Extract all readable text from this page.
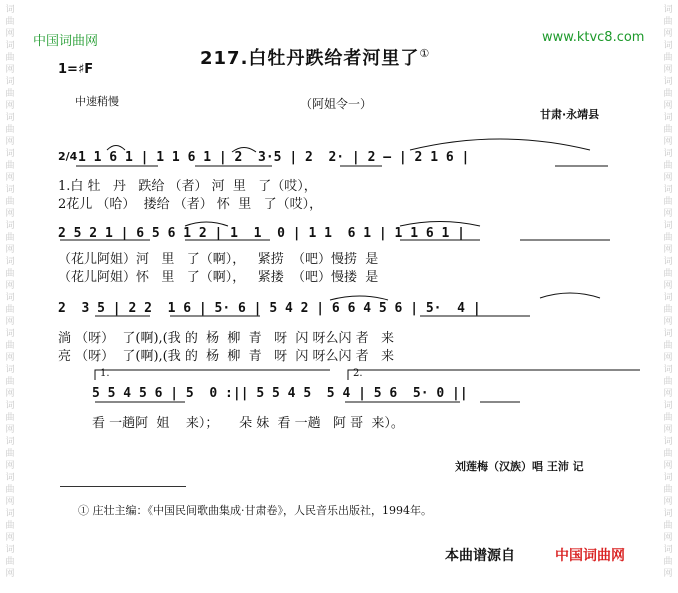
词
曲
网
词
曲
网
词
曲
网
词
曲
网
词
曲
网
词
曲
网
词
曲
网
词
曲
网
词
曲
网
词
曲
网
词
曲
网
词
曲
网
词
曲
网
词
曲
网
词
曲
网
词
曲
网

词
曲
网
词
曲
网
词
曲
网
词
曲
网
词
曲
网
词
曲
网
词
曲
网
词
曲
网
词
曲
网
词
曲
网
词
曲
网
词
曲
网
词
曲
网
词
曲
网
词
曲
网
词
曲
网

中国词曲网	www.ktvc8.com
217.白牡丹跌给者河里了①
1=♯F
中速稍慢	（阿姐令一）
甘肃·永靖县
1 1 6 1 | 1 1 6 1 | 2  3·5 | 2  2· | 2 — | 2 1 6 |
2/4
1.白 牡   丹   跌给 （者） 河  里   了（哎），
2花儿 （哈）  搂给 （者） 怀  里   了（哎），
2 5 2 1 | 6 5 6 1 2 | 1  1  0 | 1 1  6 1 | 1 1 6 1 |
（花儿阿姐）河   里   了（啊），   紧捞  （吧）慢捞  是
（花儿阿姐）怀   里   了（啊），   紧搂  （吧）慢搂  是
2  3 5 | 2 2  1 6 | 5· 6 | 5 4 2 | 6 6 4 5 6 | 5·  4 |
淌 （呀）  了(啊),(我 的  杨  柳  青   呀  闪 呀么闪 者   来
亮 （呀）  了(啊),(我 的  杨  柳  青   呀  闪 呀么闪 者   来
1.	2.
5 5 4 5 6 | 5  0 :|| 5 5 4 5  5 4 | 5 6  5· 0 ||
看 一趟阿  姐    来）；     朵 妹  看 一趟   阿 哥  来）。
刘莲梅（汉族）唱 王沛 记
① 庄壮主编：《中国民间歌曲集成·甘肃卷》，人民音乐出版社，1994年。
本曲谱源自	中国词曲网
